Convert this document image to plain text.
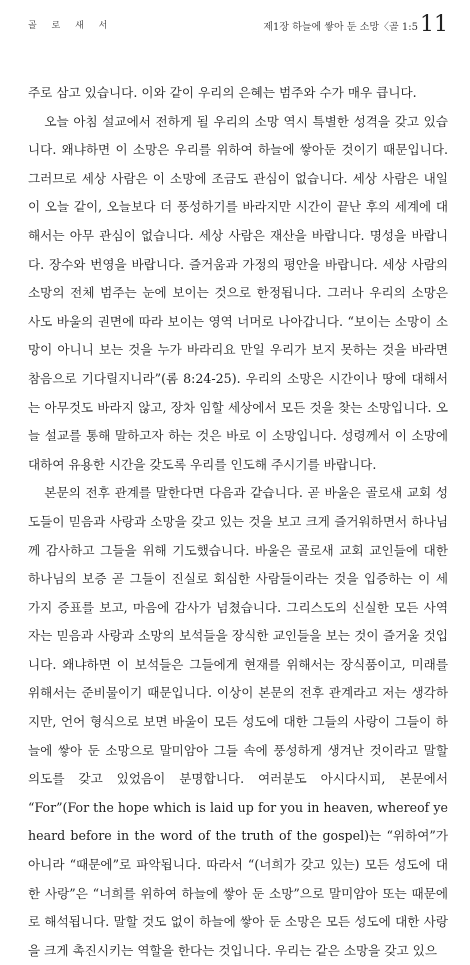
골 로 새 서	제1장 하늘에 쌓아 둔 소망〈골 1:5 11

주로 삼고 있습니다. 이와 같이 우리의 은혜는 범주와 수가 매우 큽니다.

오늘 아침 설교에서 전하게 될 우리의 소망 역시 특별한 성격을 갖고 있습니다. 왜냐하면 이 소망은 우리를 위하여 하늘에 쌓아둔 것이기 때문입니다. 그러므로 세상 사람은 이 소망에 조금도 관심이 없습니다. 세상 사람은 내일이 오늘 같이, 오늘보다 더 풍성하기를 바라지만 시간이 끝난 후의 세계에 대해서는 아무 관심이 없습니다. 세상 사람은 재산을 바랍니다. 명성을 바랍니다. 장수와 번영을 바랍니다. 즐거움과 가정의 평안을 바랍니다. 세상 사람의 소망의 전체 범주는 눈에 보이는 것으로 한정됩니다. 그러나 우리의 소망은 사도 바울의 권면에 따라 보이는 영역 너머로 나아갑니다. “보이는 소망이 소망이 아니니 보는 것을 누가 바라리요 만일 우리가 보지 못하는 것을 바라면 참음으로 기다릴지니라”(롬 8:24-25). 우리의 소망은 시간이나 땅에 대해서는 아무것도 바라지 않고, 장차 임할 세상에서 모든 것을 찾는 소망입니다. 오늘 설교를 통해 말하고자 하는 것은 바로 이 소망입니다. 성령께서 이 소망에 대하여 유용한 시간을 갖도록 우리를 인도해 주시기를 바랍니다.

본문의 전후 관계를 말한다면 다음과 같습니다. 곧 바울은 골로새 교회 성도들이 믿음과 사랑과 소망을 갖고 있는 것을 보고 크게 즐거워하면서 하나님께 감사하고 그들을 위해 기도했습니다. 바울은 골로새 교회 교인들에 대한 하나님의 보증 곧 그들이 진실로 회심한 사람들이라는 것을 입증하는 이 세 가지 증표를 보고, 마음에 감사가 넘쳤습니다. 그리스도의 신실한 모든 사역자는 믿음과 사랑과 소망의 보석들을 장식한 교인들을 보는 것이 즐거울 것입니다. 왜냐하면 이 보석들은 그들에게 현재를 위해서는 장식품이고, 미래를 위해서는 준비물이기 때문입니다. 이상이 본문의 전후 관계라고 저는 생각하지만, 언어 형식으로 보면 바울이 모든 성도에 대한 그들의 사랑이 그들이 하늘에 쌓아 둔 소망으로 말미암아 그들 속에 풍성하게 생겨난 것이라고 말할 의도를 갖고 있었음이 분명합니다. 여러분도 아시다시피, 본문에서 “For”(For the hope which is laid up for you in heaven, whereof ye heard before in the word of the truth of the gospel)는 “위하여”가 아니라 “때문에”로 파악됩니다. 따라서 “(너희가 갖고 있는) 모든 성도에 대한 사랑”은 “너희를 위하여 하늘에 쌓아 둔 소망”으로 말미암아 또는 때문에로 해석됩니다. 말할 것도 없이 하늘에 쌓아 둔 소망은 모든 성도에 대한 사랑을 크게 촉진시키는 역할을 한다는 것입니다. 우리는 같은 소망을 갖고 있으
